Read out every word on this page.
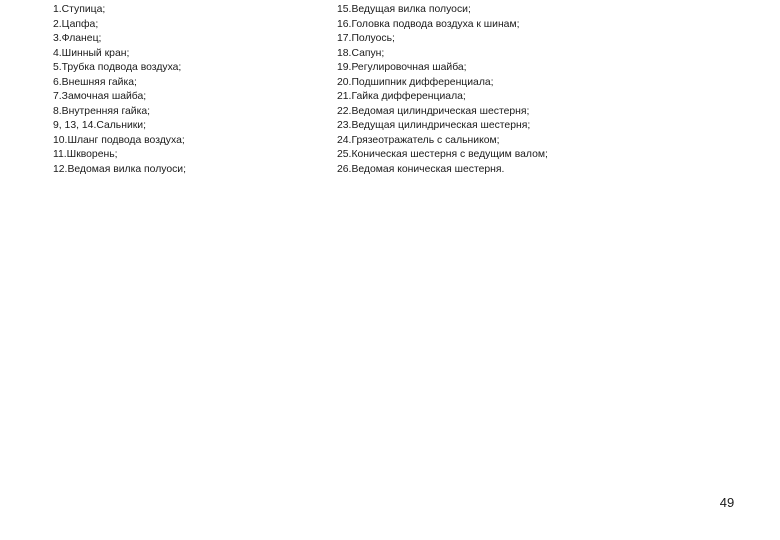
1.Ступица;
2.Цапфа;
3.Фланец;
4.Шинный кран;
5.Трубка подвода воздуха;
6.Внешняя гайка;
7.Замочная шайба;
8.Внутренняя гайка;
9, 13, 14.Сальники;
10.Шланг подвода воздуха;
11.Шкворень;
12.Ведомая вилка полуоси;
15.Ведущая вилка полуоси;
16.Головка подвода воздуха к шинам;
17.Полуось;
18.Сапун;
19.Регулировочная шайба;
20.Подшипник дифференциала;
21.Гайка дифференциала;
22.Ведомая цилиндрическая шестерня;
23.Ведущая цилиндрическая шестерня;
24.Грязеотражатель с сальником;
25.Коническая шестерня с ведущим валом;
26.Ведомая коническая шестерня.
49
